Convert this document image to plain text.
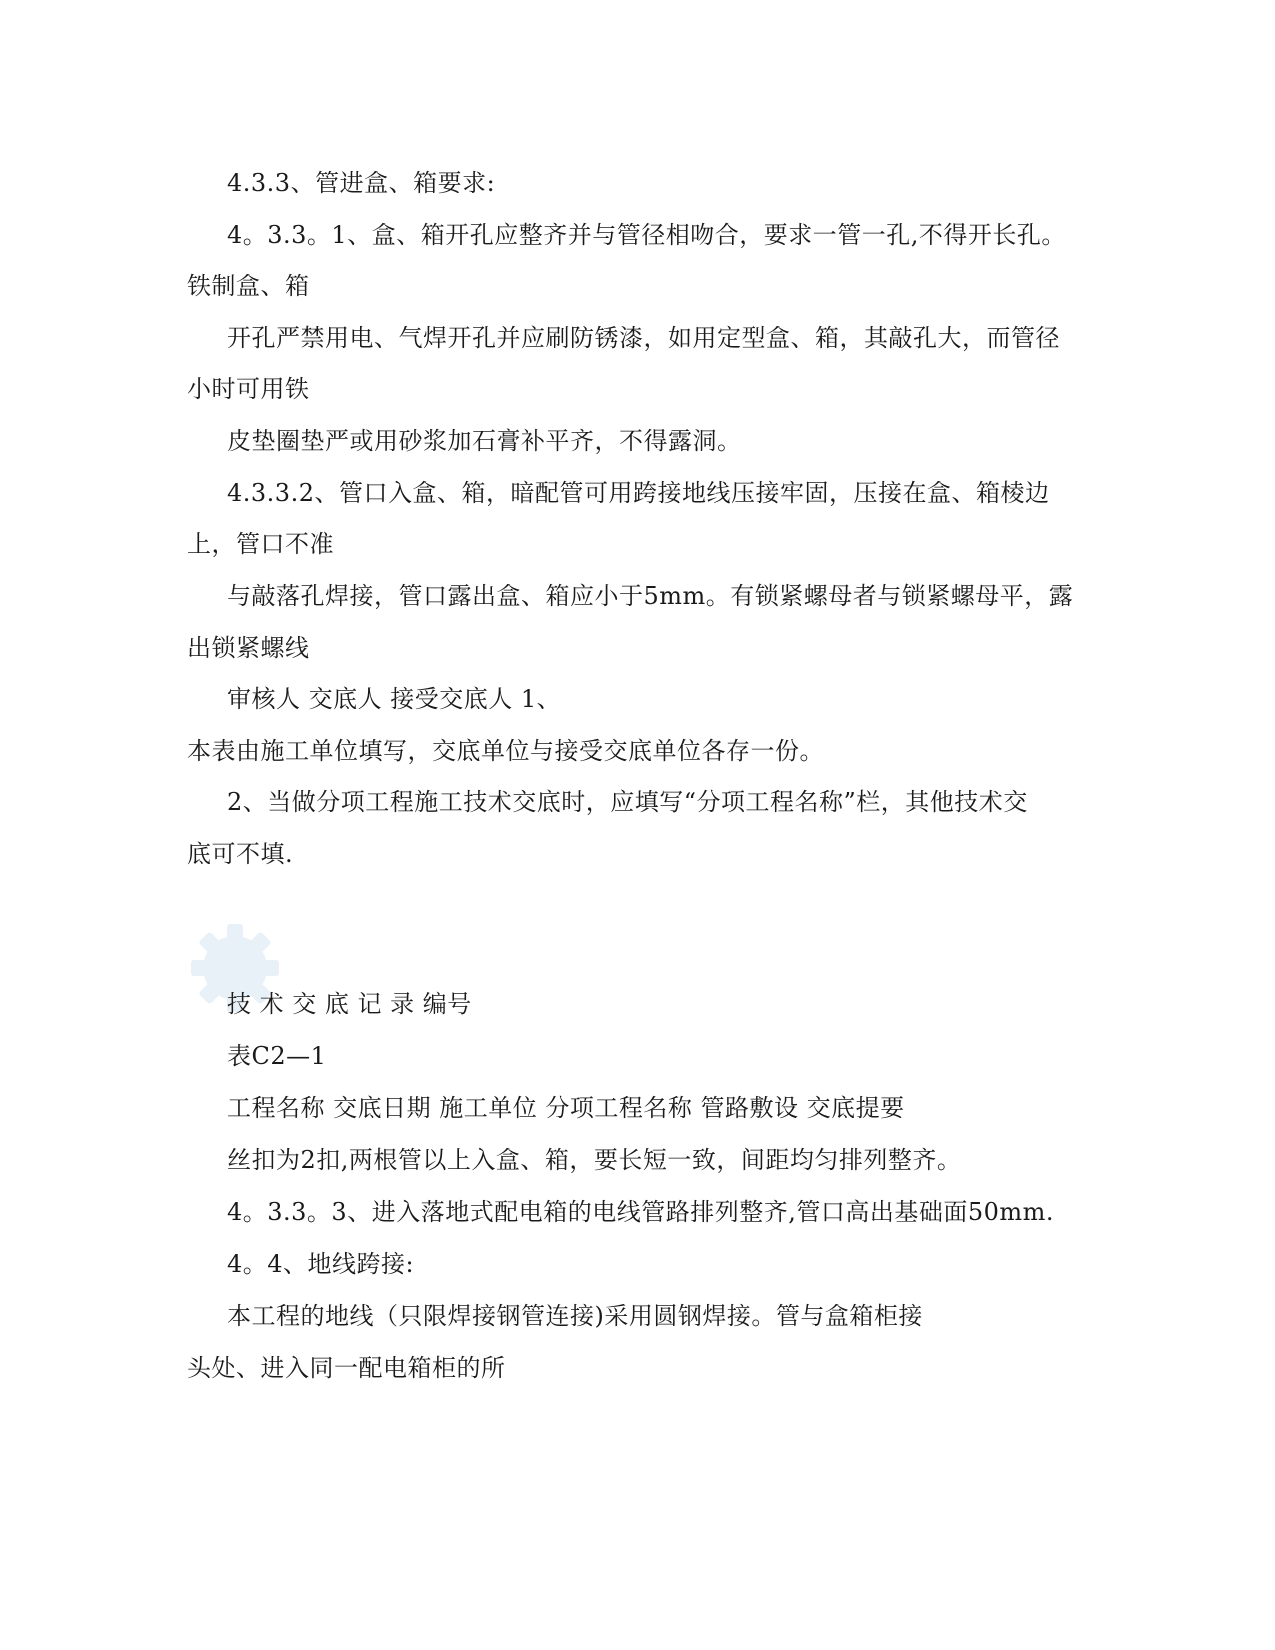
4.3.3、管进盒、箱要求:
4。3.3。1、盒、箱开孔应整齐并与管径相吻合，要求一管一孔,不得开长孔。
铁制盒、箱
开孔严禁用电、气焊开孔并应刷防锈漆，如用定型盒、箱，其敲孔大，而管径
小时可用铁
皮垫圈垫严或用砂浆加石膏补平齐，不得露洞。
4.3.3.2、管口入盒、箱，暗配管可用跨接地线压接牢固，压接在盒、箱棱边
上，管口不准
与敲落孔焊接，管口露出盒、箱应小于5mm。有锁紧螺母者与锁紧螺母平，露
出锁紧螺线
审核人 交底人 接受交底人 1、
本表由施工单位填写，交底单位与接受交底单位各存一份。
2、当做分项工程施工技术交底时，应填写“分项工程名称”栏，其他技术交
底可不填.
技 术 交 底 记 录 编号
表C2—1
工程名称 交底日期 施工单位 分项工程名称 管路敷设 交底提要
丝扣为2扣,两根管以上入盒、箱，要长短一致，间距均匀排列整齐。
4。3.3。3、进入落地式配电箱的电线管路排列整齐,管口高出基础面50mm.
4。4、地线跨接:
本工程的地线（只限焊接钢管连接)采用圆钢焊接。管与盒箱柜接
头处、进入同一配电箱柜的所
